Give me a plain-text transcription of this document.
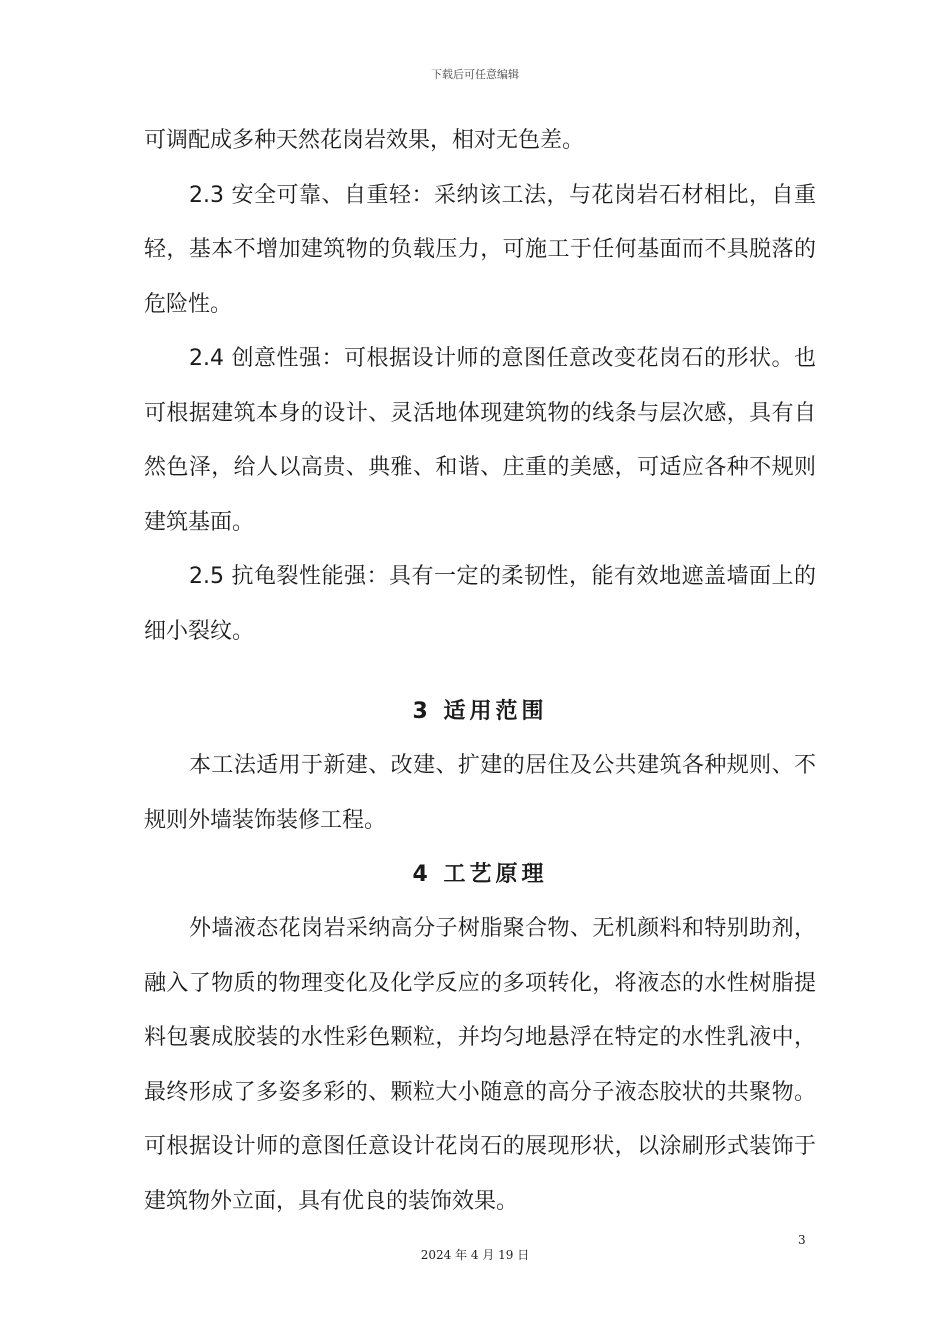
下载后可任意编辑

可调配成多种天然花岗岩效果，相对无色差。

2.3 安全可靠、自重轻：采纳该工法，与花岗岩石材相比，自重轻，基本不增加建筑物的负载压力，可施工于任何基面而不具脱落的危险性。

2.4 创意性强：可根据设计师的意图任意改变花岗石的形状。也可根据建筑本身的设计、灵活地体现建筑物的线条与层次感，具有自然色泽，给人以高贵、典雅、和谐、庄重的美感，可适应各种不规则建筑基面。

2.5 抗龟裂性能强：具有一定的柔韧性，能有效地遮盖墙面上的细小裂纹。

3 适用范围

本工法适用于新建、改建、扩建的居住及公共建筑各种规则、不规则外墙装饰装修工程。

4 工艺原理

外墙液态花岗岩采纳高分子树脂聚合物、无机颜料和特别助剂，融入了物质的物理变化及化学反应的多项转化，将液态的水性树脂提料包裹成胶装的水性彩色颗粒，并均匀地悬浮在特定的水性乳液中，最终形成了多姿多彩的、颗粒大小随意的高分子液态胶状的共聚物。可根据设计师的意图任意设计花岗石的展现形状，以涂刷形式装饰于建筑物外立面，具有优良的装饰效果。

3
2024 年 4 月 19 日
